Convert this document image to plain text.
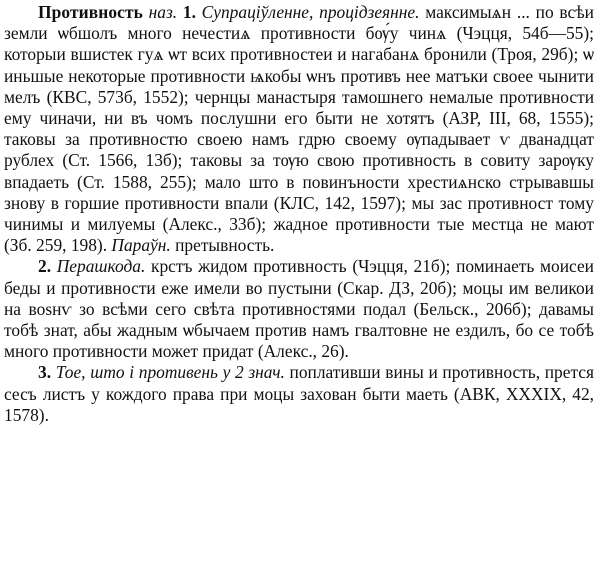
Противность наз. 1. Супраціўленне, процідзеянне. максимыѧн ... по всѣи земли ѡбшолъ много нечестиѧ противности бѹ́у чинѧ (Чэцця, 54б—55); которыи вшистек гуѧ ѡт всих противностеи и нагабанѧ бронили (Троя, 29б); ѡ иньшые некоторые противности ѩкобы ѡнъ противъ нее матъки своее чынити мелъ (КВС, 573б, 1552); чернцы манастыря тамошнего немалые противности ему чиначи, ни въ чомъ послушни его быти не хотятъ (АЗР, III, 68, 1555); таковы за противностю своею намъ гдрю своему ѹпадывает ѵ дванадцат рублех (Ст. 1566, 13б); таковы за тѹю свою противность в совиту зарѹку впадаеть (Ст. 1588, 255); мало што в повинъности хрестиѧнско стрывавшы знову в горшие противности впали (КЛС, 142, 1597); мы зас противност тому чинимы и милуемы (Алекс., 33б); жадное противности тые местца не мают (Зб. 259, 198). Параўн. претывность.

2. Перашкода. крстъ жидом противность (Чэцця, 21б); поминаеть моисеи беды и противности еже имели во пустыни (Скар. ДЗ, 20б); моцы им великои на воѕнѵ зо всѣми сего свѣта противностями подал (Бельск., 206б); давамы тобѣ знат, абы жадным ѡбычаем против намъ гвалтовне не ездилъ, бо се тобѣ много противности может придат (Алекс., 26).

3. Тое, што і противень у 2 знач. поплативши вины и противность, прется сесъ листъ у кождого права при моцы захован быти маеть (АВК, XXXIX, 42, 1578).
